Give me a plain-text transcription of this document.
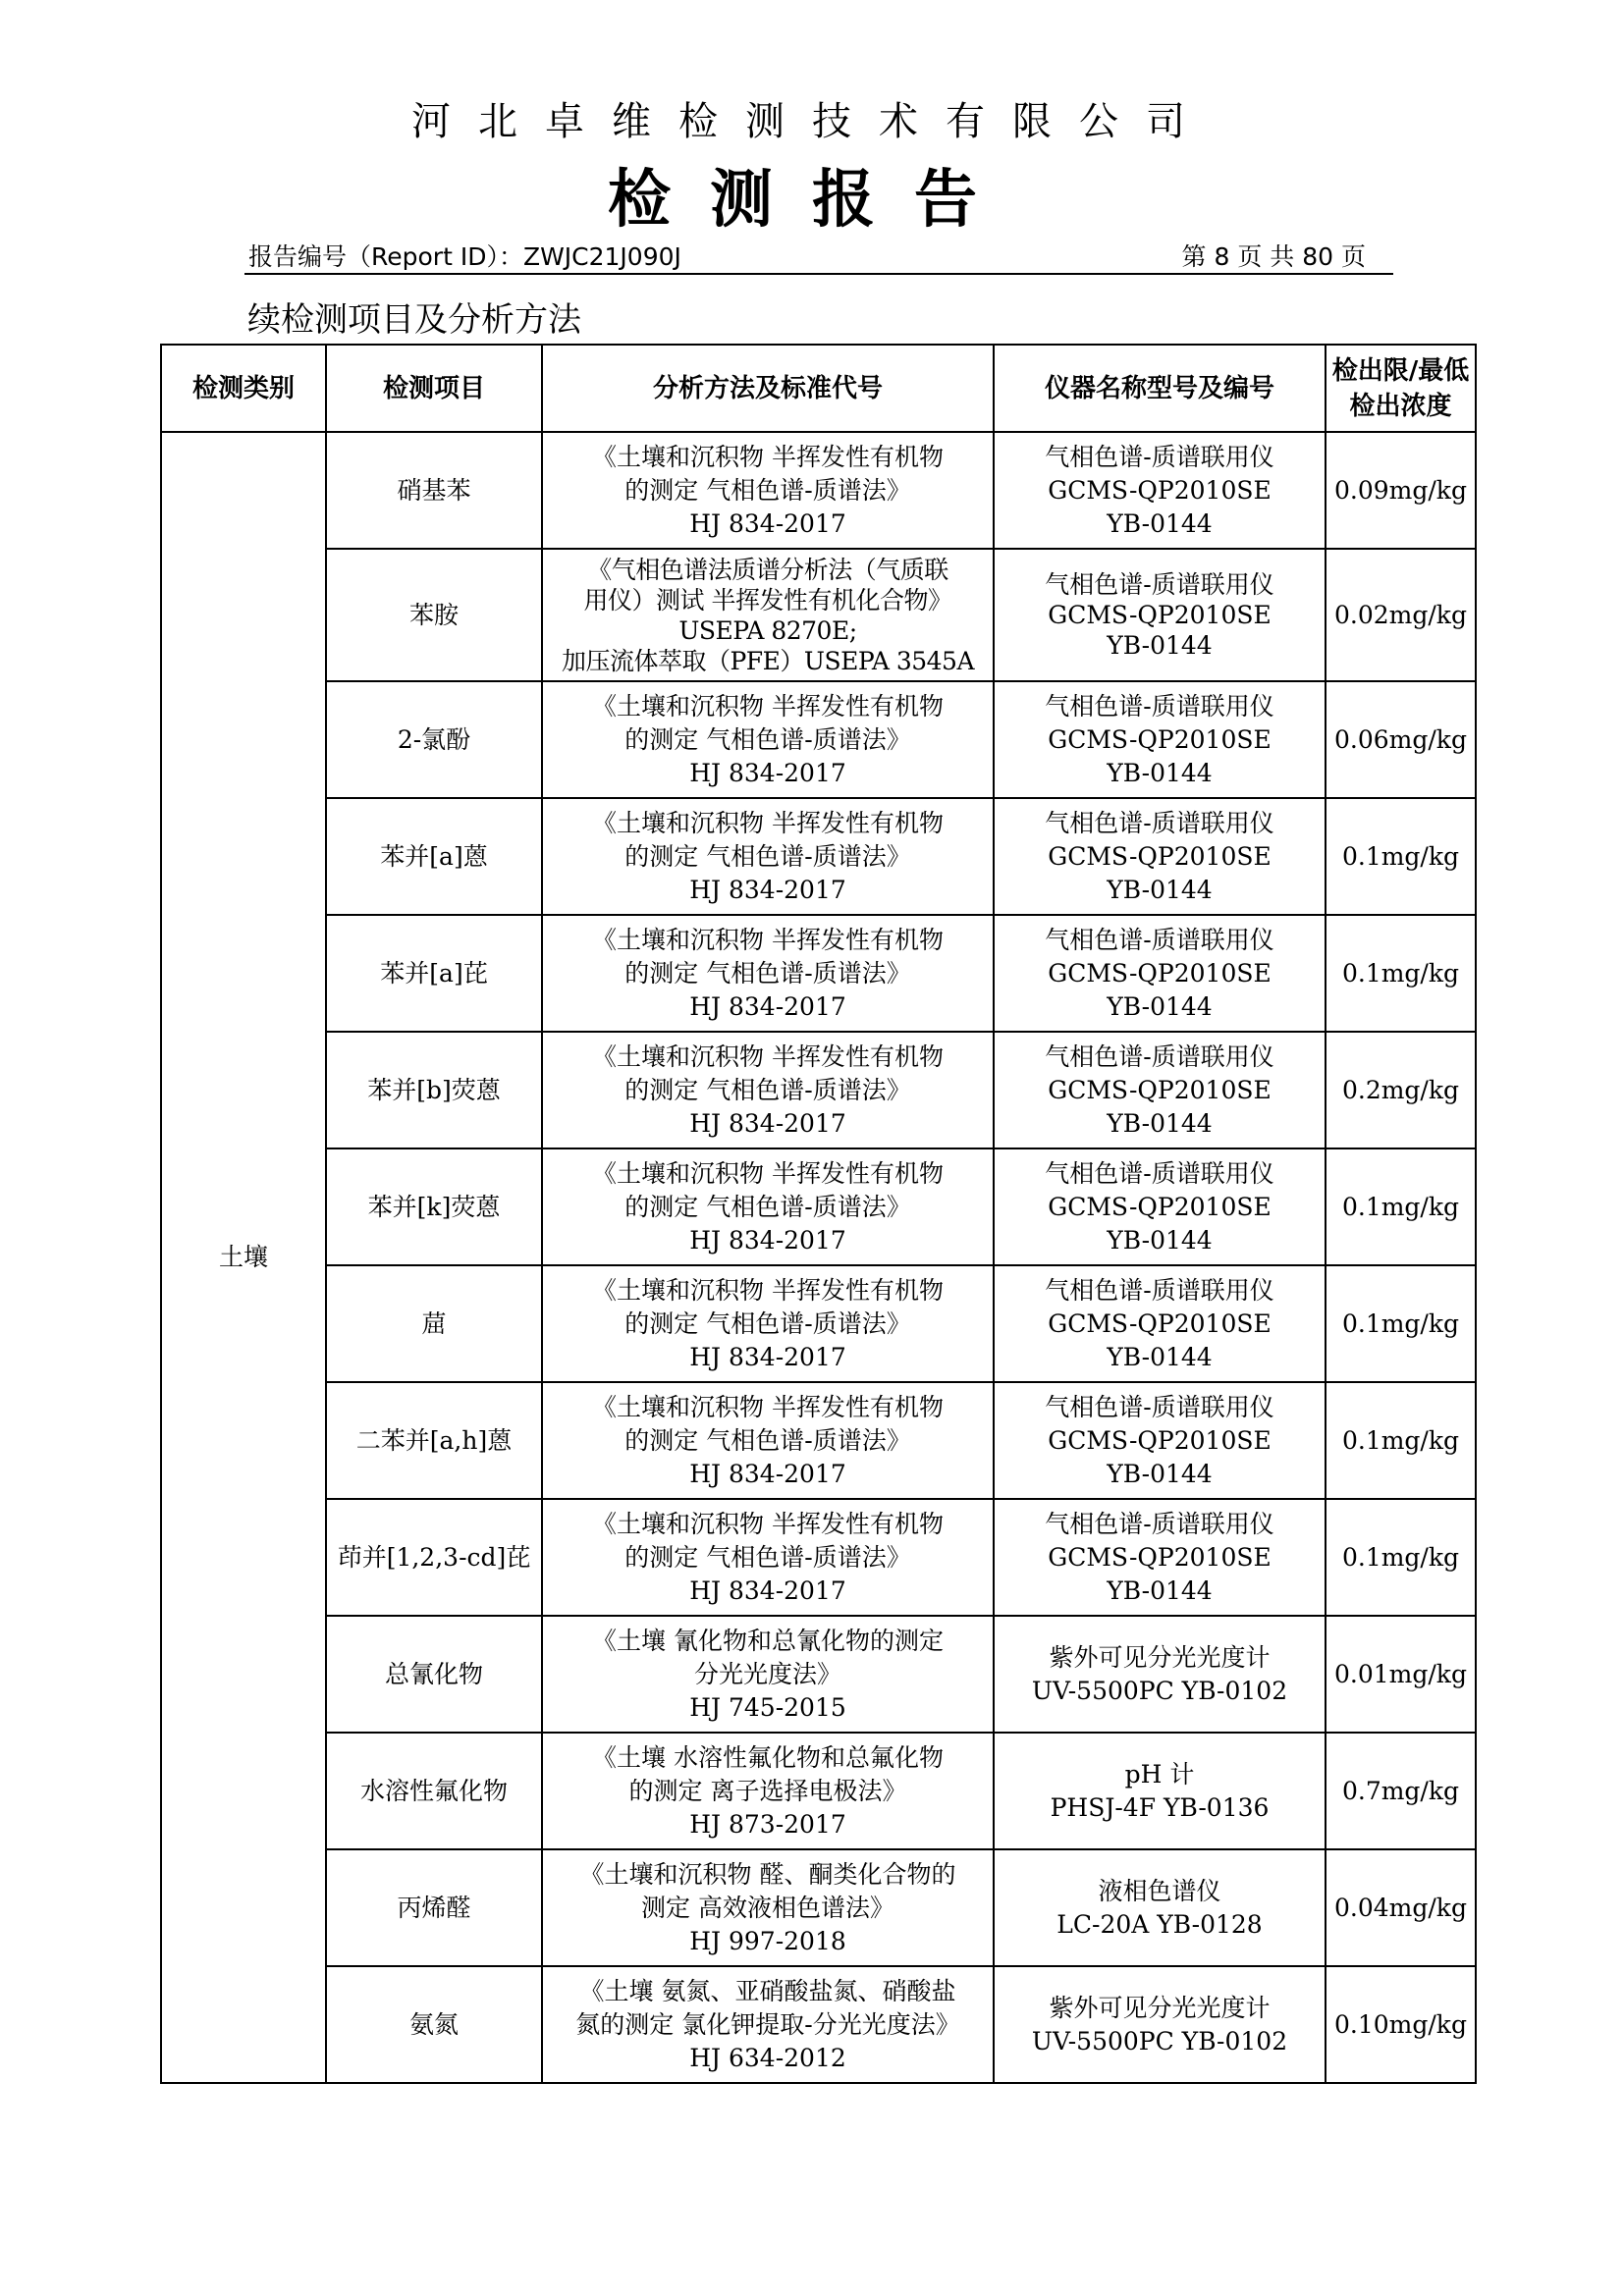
河北卓维检测技术有限公司
检测报告
报告编号（Report ID）：ZWJC21J090J	第 8 页 共 80 页
续检测项目及分析方法
检测类别	检测项目	分析方法及标准代号	仪器名称型号及编号	检出限/最低检出浓度
土壤	硝基苯	《土壤和沉积物 半挥发性有机物
的测定 气相色谱-质谱法》
HJ 834-2017	气相色谱-质谱联用仪
GCMS-QP2010SE
YB-0144	0.09mg/kg
	苯胺	《气相色谱法质谱分析法（气质联
用仪）测试 半挥发性有机化合物》
USEPA 8270E;
加压流体萃取（PFE）USEPA 3545A	气相色谱-质谱联用仪
GCMS-QP2010SE
YB-0144	0.02mg/kg
	2-氯酚	《土壤和沉积物 半挥发性有机物
的测定 气相色谱-质谱法》
HJ 834-2017	气相色谱-质谱联用仪
GCMS-QP2010SE
YB-0144	0.06mg/kg
	苯并[a]蒽	《土壤和沉积物 半挥发性有机物
的测定 气相色谱-质谱法》
HJ 834-2017	气相色谱-质谱联用仪
GCMS-QP2010SE
YB-0144	0.1mg/kg
	苯并[a]芘	《土壤和沉积物 半挥发性有机物
的测定 气相色谱-质谱法》
HJ 834-2017	气相色谱-质谱联用仪
GCMS-QP2010SE
YB-0144	0.1mg/kg
	苯并[b]荧蒽	《土壤和沉积物 半挥发性有机物
的测定 气相色谱-质谱法》
HJ 834-2017	气相色谱-质谱联用仪
GCMS-QP2010SE
YB-0144	0.2mg/kg
	苯并[k]荧蒽	《土壤和沉积物 半挥发性有机物
的测定 气相色谱-质谱法》
HJ 834-2017	气相色谱-质谱联用仪
GCMS-QP2010SE
YB-0144	0.1mg/kg
	䓛	《土壤和沉积物 半挥发性有机物
的测定 气相色谱-质谱法》
HJ 834-2017	气相色谱-质谱联用仪
GCMS-QP2010SE
YB-0144	0.1mg/kg
	二苯并[a,h]蒽	《土壤和沉积物 半挥发性有机物
的测定 气相色谱-质谱法》
HJ 834-2017	气相色谱-质谱联用仪
GCMS-QP2010SE
YB-0144	0.1mg/kg
	茚并[1,2,3-cd]芘	《土壤和沉积物 半挥发性有机物
的测定 气相色谱-质谱法》
HJ 834-2017	气相色谱-质谱联用仪
GCMS-QP2010SE
YB-0144	0.1mg/kg
	总氰化物	《土壤 氰化物和总氰化物的测定
分光光度法》
HJ 745-2015	紫外可见分光光度计
UV-5500PC YB-0102	0.01mg/kg
	水溶性氟化物	《土壤 水溶性氟化物和总氟化物
的测定 离子选择电极法》
HJ 873-2017	pH 计
PHSJ-4F YB-0136	0.7mg/kg
	丙烯醛	《土壤和沉积物 醛、酮类化合物的
测定 高效液相色谱法》
HJ 997-2018	液相色谱仪
LC-20A YB-0128	0.04mg/kg
	氨氮	《土壤 氨氮、亚硝酸盐氮、硝酸盐
氮的测定 氯化钾提取-分光光度法》
HJ 634-2012	紫外可见分光光度计
UV-5500PC YB-0102	0.10mg/kg
